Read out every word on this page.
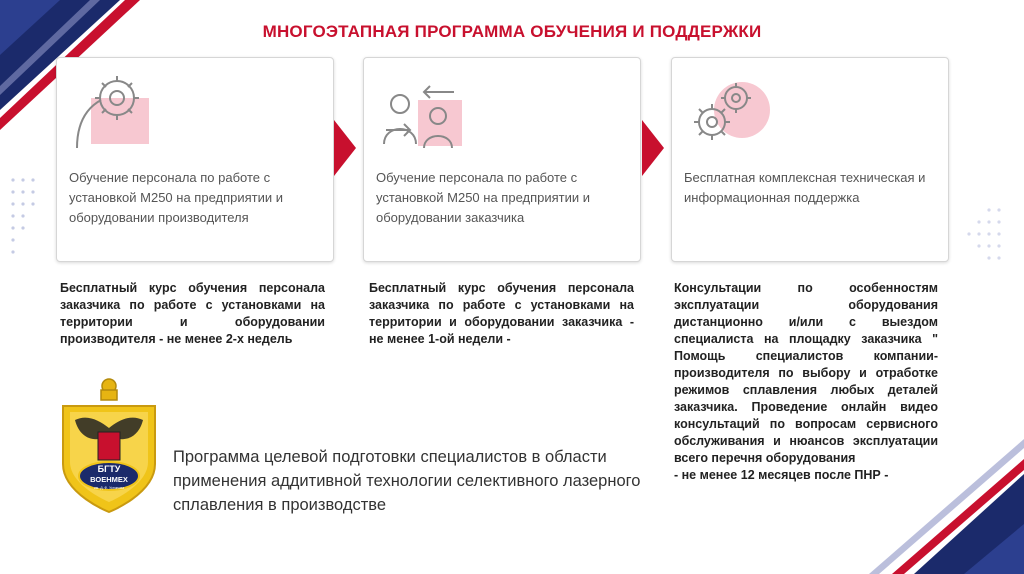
МНОГОЭТАПНАЯ ПРОГРАММА ОБУЧЕНИЯ И ПОДДЕРЖКИ
Обучение персонала по работе с установкой М250 на предприятии и оборудовании производителя
Обучение персонала по работе с установкой М250 на предприятии и оборудовании заказчика
Бесплатная комплексная техническая и информационная поддержка
Бесплатный курс обучения персонала заказчика по работе с установками на территории и оборудовании производителя - не менее 2-х недель
Бесплатный курс обучения персонала заказчика по работе с установками на территории и оборудовании заказчика - не менее 1-ой недели -
Консультации по особенностям эксплуатации оборудования дистанционно и/или с выездом специалиста на площадку заказчика " Помощь специалистов компании-производителя по выбору и отработке режимов сплавления любых деталей заказчика. Проведение онлайн видео консультаций по вопросам сервисного обслуживания и нюансов эксплуатации всего перечня оборудования
- не менее 12 месяцев после ПНР -
БГТУ
ВОЕНМЕХ
им. Д. Ф. Устинова
Программа целевой подготовки специалистов в области применения аддитивной технологии селективного лазерного сплавления в производстве
